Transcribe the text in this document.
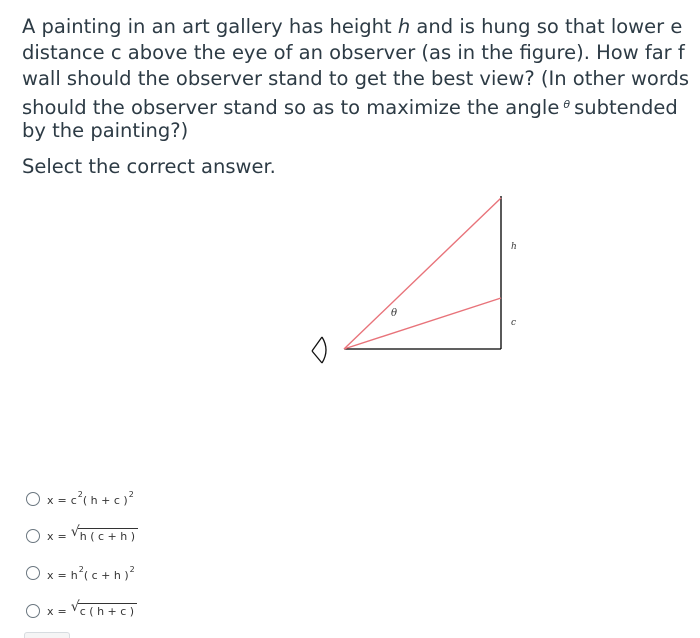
A painting in an art gallery has height h and is hung so that lower e
distance c above the eye of an observer (as in the figure). How far f
wall should the observer stand to get the best view? (In other words
should the observer stand so as to maximize the angle $^\theta$ subtended
by the painting?)
Select the correct answer.
h
c
θ
$x = c^2$( h + c )$^2$
x = √ h ( c + h )
$x = h^2$( c + h )$^2$
x = √ c ( h + c )
